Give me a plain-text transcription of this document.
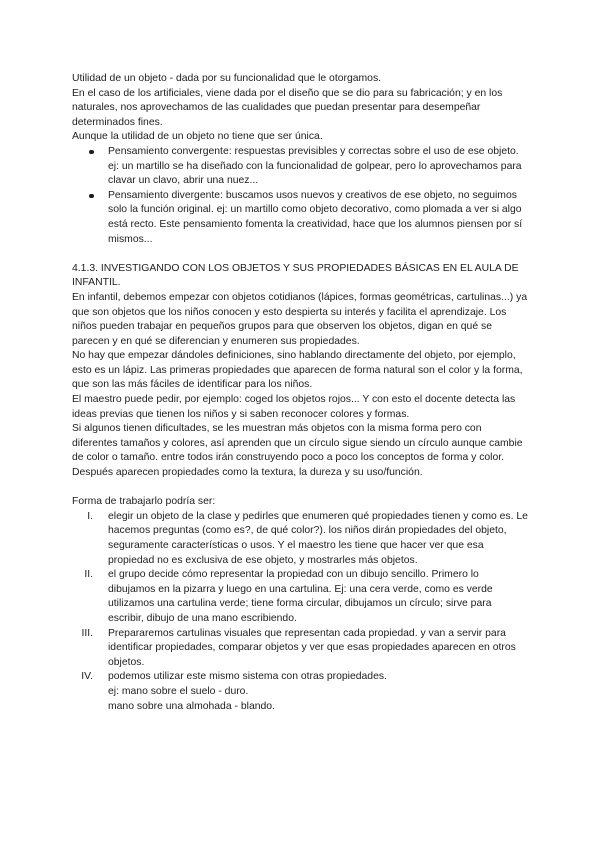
Utilidad de un objeto - dada por su funcionalidad que le otorgamos.

En el caso de los artificiales, viene dada por el diseño que se dio para su fabricación; y en los naturales, nos aprovechamos de las cualidades que puedan presentar para desempeñar determinados fines.

Aunque la utilidad de un objeto no tiene que ser única.

Pensamiento convergente: respuestas previsibles y correctas sobre el uso de ese objeto. ej: un martillo se ha diseñado con la funcionalidad de golpear, pero lo aprovechamos para clavar un clavo, abrir una nuez...
Pensamiento divergente: buscamos usos nuevos y creativos de ese objeto, no seguimos solo la función original. ej: un martillo como objeto decorativo, como plomada a ver si algo está recto. Este pensamiento fomenta la creatividad, hace que los alumnos piensen por sí mismos...

4.1.3. INVESTIGANDO CON LOS OBJETOS Y SUS PROPIEDADES BÁSICAS EN EL AULA DE INFANTIL.

En infantil, debemos empezar con objetos cotidianos (lápices, formas geométricas, cartulinas...) ya que son objetos que los niños conocen y esto despierta su interés y facilita el aprendizaje. Los niños pueden trabajar en pequeños grupos para que observen los objetos, digan en qué se parecen y en qué se diferencian y enumeren sus propiedades.

No hay que empezar dándoles definiciones, sino hablando directamente del objeto, por ejemplo, esto es un lápiz. Las primeras propiedades que aparecen de forma natural son el color y la forma, que son las más fáciles de identificar para los niños.

El maestro puede pedir, por ejemplo: coged los objetos rojos... Y con esto el docente detecta las ideas previas que tienen los niños y si saben reconocer colores y formas.

Si algunos tienen dificultades, se les muestran más objetos con la misma forma pero con diferentes tamaños y colores, así aprenden que un círculo sigue siendo un círculo aunque cambie de color o tamaño. entre todos irán construyendo poco a poco los conceptos de forma y color.

Después aparecen propiedades como la textura, la dureza y su uso/función.

Forma de trabajarlo podría ser:

I. elegir un objeto de la clase y pedirles que enumeren qué propiedades tienen y como es. Le hacemos preguntas (como es?, de qué color?). los niños dirán propiedades del objeto, seguramente características o usos. Y el maestro les tiene que hacer ver que esa propiedad no es exclusiva de ese objeto, y mostrarles más objetos.
II. el grupo decide cómo representar la propiedad con un dibujo sencillo. Primero lo dibujamos en la pizarra y luego en una cartulina. Ej: una cera verde, como es verde utilizamos una cartulina verde; tiene forma circular, dibujamos un círculo; sirve para escribir, dibujo de una mano escribiendo.
III. Prepararemos cartulinas visuales que representan cada propiedad. y van a servir para identificar propiedades, comparar objetos y ver que esas propiedades aparecen en otros objetos.
IV. podemos utilizar este mismo sistema con otras propiedades.
ej: mano sobre el suelo - duro.
mano sobre una almohada - blando.
